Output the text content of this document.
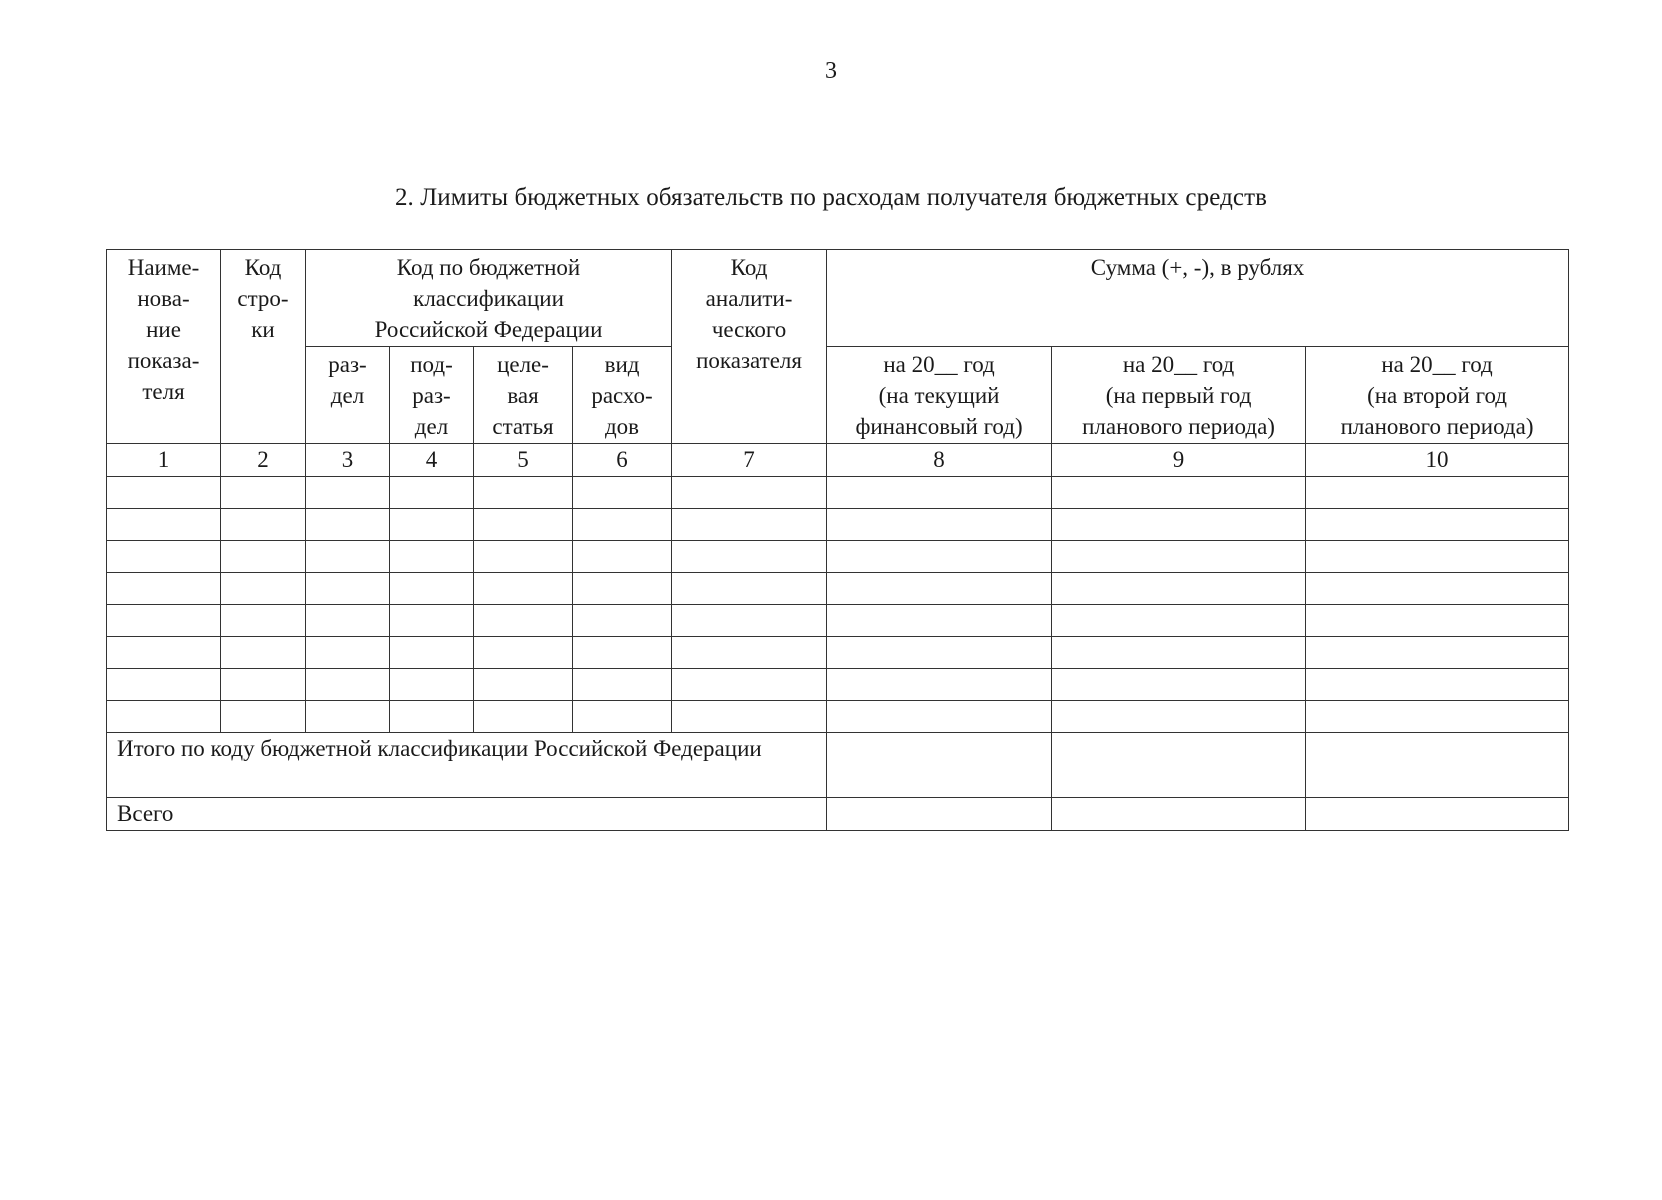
3
2. Лимиты бюджетных обязательств по расходам получателя бюджетных средств
Наиме-
нова-
ние
показа-
теля	Код
стро-
ки	Код по бюджетной
классификации
Российской Федерации				Код
аналити-
ческого
показателя	Сумма (+, -), в рублях		

		раз-
дел	под-
раз-
дел	целе-
вая
статья	вид
расхо-
дов		на 20__ год
(на текущий
финансовый год)	на 20__ год
(на первый год
планового периода)	на 20__ год
(на второй год
планового периода)

1	2	3	4	5	6	7	8	9	10

Итого по коду бюджетной классификации Российской Федерации									
Всего									
